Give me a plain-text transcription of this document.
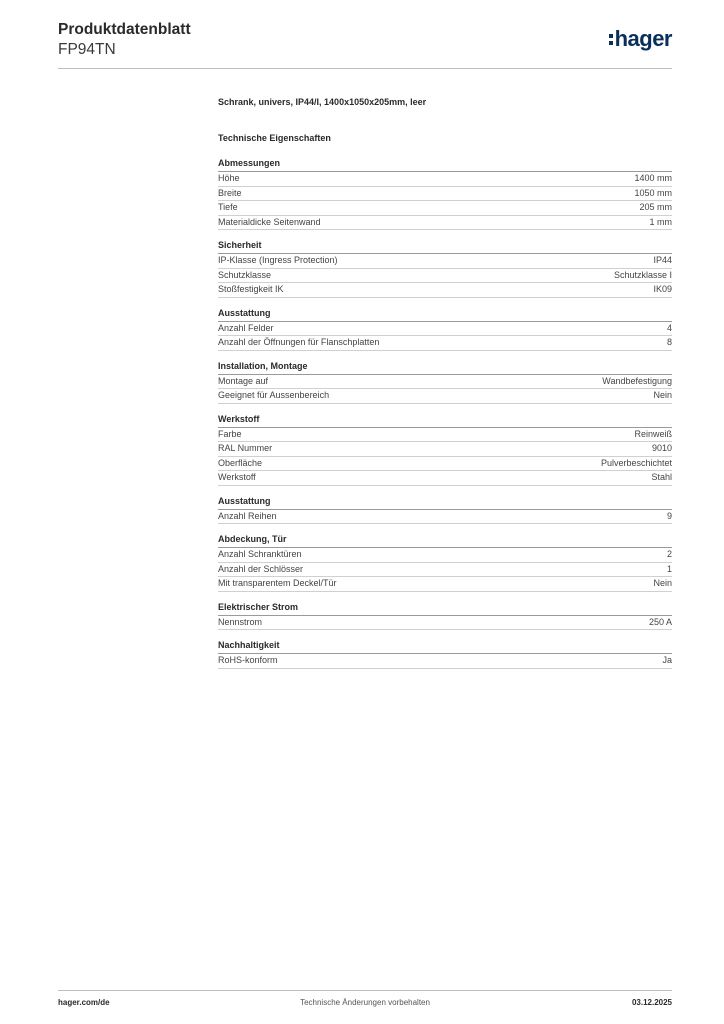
Produktdatenblatt
FP94TN	hager
Schrank, univers, IP44/I, 1400x1050x205mm, leer
Technische Eigenschaften
Abmessungen
Höhe	1400 mm
Breite	1050 mm
Tiefe	205 mm
Materialdicke Seitenwand	1 mm
Sicherheit
IP-Klasse (Ingress Protection)	IP44
Schutzklasse	Schutzklasse I
Stoßfestigkeit IK	IK09
Ausstattung
Anzahl Felder	4
Anzahl der Öffnungen für Flanschplatten	8
Installation, Montage
Montage auf	Wandbefestigung
Geeignet für Aussenbereich	Nein
Werkstoff
Farbe	Reinweiß
RAL Nummer	9010
Oberfläche	Pulverbeschichtet
Werkstoff	Stahl
Ausstattung
Anzahl Reihen	9
Abdeckung, Tür
Anzahl Schranktüren	2
Anzahl der Schlösser	1
Mit transparentem Deckel/Tür	Nein
Elektrischer Strom
Nennstrom	250 A
Nachhaltigkeit
RoHS-konform	Ja
hager.com/de	Technische Änderungen vorbehalten	03.12.2025
